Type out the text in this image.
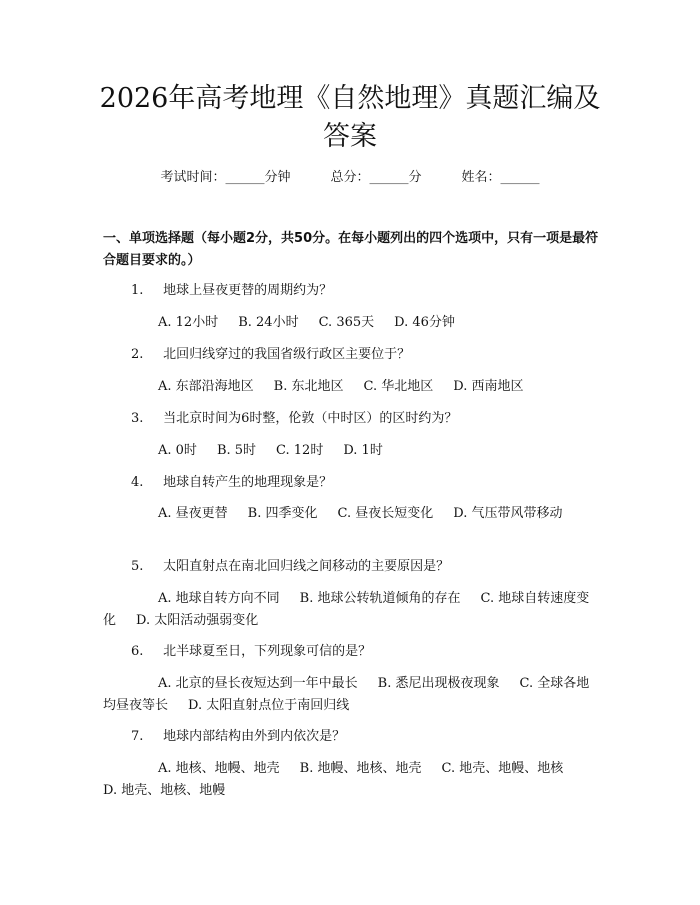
2026年高考地理《自然地理》真题汇编及答案
考试时间：______分钟	总分：______分	姓名：______
一、单项选择题（每小题2分，共50分。在每小题列出的四个选项中，只有一项是最符合题目要求的。）
1. 地球上昼夜更替的周期约为？
A. 12小时 B. 24小时 C. 365天 D. 46分钟
2. 北回归线穿过的我国省级行政区主要位于？
A. 东部沿海地区 B. 东北地区 C. 华北地区 D. 西南地区
3. 当北京时间为6时整，伦敦（中时区）的区时约为？
A. 0时 B. 5时 C. 12时 D. 1时
4. 地球自转产生的地理现象是？
A. 昼夜更替 B. 四季变化 C. 昼夜长短变化 D. 气压带风带移动
5. 太阳直射点在南北回归线之间移动的主要原因是？
A. 地球自转方向不同 B. 地球公转轨道倾角的存在 C. 地球自转速度变化 D. 太阳活动强弱变化
6. 北半球夏至日，下列现象可信的是？
A. 北京的昼长夜短达到一年中最长 B. 悉尼出现极夜现象 C. 全球各地均昼夜等长 D. 太阳直射点位于南回归线
7. 地球内部结构由外到内依次是？
A. 地核、地幔、地壳 B. 地幔、地核、地壳 C. 地壳、地幔、地核D. 地壳、地核、地幔
